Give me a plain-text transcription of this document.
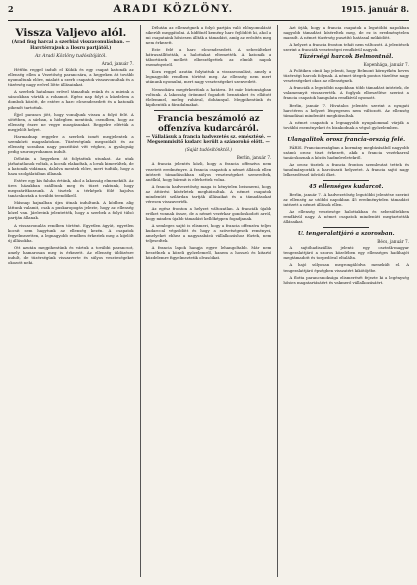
2	ARADI KÖZLÖNY.	1915. január 8.
Vissza Valjevo alól.
(Arad fiug harcai a szerbiai visszavonulásban. — Harctérrajzok a Ilosru partjától.)
Az Aradi Közlöny tudósítójától.
Arad, január 7.

Hétfőn reggel indult el Kühik és egy csapat katonák az ellenség ellen a Vezetőség parancsára, a hegyeken át tovább nyomultunk előre, mialatt a szerb csapatok visszavonultak és a tüzérség nagy erővel lőtte állásainkat.

A szerbek hatalmas erővel támadtak reánk és a mieink a sáncokban várták a rohamot. Egész nap folyt a küzdelem a dombok között, de estére a harc elcsendesedett és a katonák pihenőt tartottak.

Éjjel parancs jött, hogy vonuljunk vissza a folyó felé. A sötétben, a sárban, a hidegben mentünk, csendben, hogy az ellenség észre ne vegye mozgásunkat. Reggelre elértük a megjelölt helyet.

Harmadnap reggelre a szerbek ismét megjelentek a szemközti magaslatokon. Tüzérségünk megszólalt és az ellenség soraiban nagy pusztítást vitt véghez, a gyalogság pedig szuronyrohamra indult.

Délután a hegyeken át folytattuk utunkat. Az utak járhatatlanok voltak, a kocsik elakadtak, a lovak kimerültek, de a katonák vidáman, dalolva mentek előre, mert tudták, hogy a haza szolgálatában állanak.

Estére egy kis faluba értünk, ahol a lakosság elmenekült. Az üres házakban szálltunk meg és tüzet raktunk, hogy megszárítkozzunk. A tisztek a térképek fölé hajolva tanácskoztak a további teendőkről.

Másnap hajnalban újra útnak indultunk. A ködben alig láttunk valamit, csak a puskaropogás jelezte, hogy az ellenség közel van. Járőreink jelentették, hogy a szerbek a folyó túlsó partján állanak.

A visszavonulás rendben történt. Egyetlen ágyút, egyetlen kocsit sem hagytunk az ellenség kezén. A csapatok fegyelmezetten, a legnagyobb rendben érkeztek meg a kijelölt új állásokba.

Ott azután megpihentünk és vártuk a további parancsot, amely hamarosan meg is érkezett. Az ellenség üldözésre indult, de tüzérségünk visszaverte és súlyos veszteségeket okozott neki.

Délután az ellenségnek a folyó partján való előnyomulását sikerült meggátolni. A hídfőnél kemény harc fejlődött ki, ahol a mi csapataink hősiesen állták a támadást, amíg az erősítés meg nem érkezett.

Este felé a harc elcsendesedett. A sebesülteket hátraszállították, a halottakat eltemették. A katonák a tábortüzek mellett elbeszélgettek az elmúlt napok eseményeiről.

Kora reggel azután folytattuk a visszavonulást, amely a legnagyobb rendben történt meg. Az ellenség nem mert utánunk nyomulni, mert nagy veszteségeket szenvedett.

Nemsokára megérkeztünk a határra. Itt már biztonságban voltunk. A lakosság örömmel fogadott bennünket és ellátott élelemmel, meleg ruhával, dohánnyal. Megpihentünk és kipihentük a fáradalmakat.

Francia beszámoló az offenzíva kudarcáról.
— Vállalásuk a francia hadvezetés sz. emésztésé. — Megsemmisitő kudarc került a szánorokó elött. —
(Saját tudósítónktól.)
Berlin, január 7.

A francia jelentés közli, hogy a francia offenzíva nem vezetett eredményre. A francia csapatok a német állások ellen intézett támadásokban súlyos veszteségeket szenvedtek, anélkül, hogy bármit is elérhettek volna.

A francia hadvezetőség maga is kénytelen beismerni, hogy az áttörési kísérletek meghiúsultak. A német csapatok mindenütt szilárdan tartják állásaikat és a támadásokat véresen visszaverték.

Az egész fronton a helyzet változatlan. A franciák újabb erőket vonnak össze, de a német vezérkar gondoskodott arról, hogy minden újabb támadást kellőképpen fogadjanak.

A semleges sajtó is elismeri, hogy a francia offenzíva teljes kudarccal végződött és hogy a szövetségesek reményei, amelyeket ehhez a nagyszabású vállalkozáshoz fűztek, nem teljesedtek.

A francia lapok hangja egyre lehangoltabb. Már nem beszélnek a közeli győzelemről, hanem a hosszú és kitartó küzdelemre figyelmeztetik olvasóikat.

Azt írják, hogy a francia csapatok a legutóbbi napokban nagyobb támadást kíséreltek meg, de ez is eredménytelen maradt. A német tüzérség pusztító hatással működött.

A helyzet a francia fronton tehát nem változott. A jelentések szerint a franciák veszteségei rendkívül nagyok.

Tüzérségi harcok Belmontnál.
Kopenhága, január 7.

A Politiken című lap jelenti, hogy Belmont környékén heves tüzérségi harcok folynak. A német ütegek pontos tüzelése nagy veszteségeket okoz az ellenségnek.

A franciák a legutóbbi napokban több támadást intéztek, de valamennyit visszaverték. A foglyok elbeszélése szerint a francia csapatok hangulata rendkívül nyomott.

Berlin, január 7. Hivatalos jelentés szerint a nyugati harctéren a helyzet lényegesen nem változott. Az ellenség támadásai mindenütt meghiúsultak.

A német csapatok a legnagyobb nyugalommal várják a további eseményeket és bizakodnak a végső győzelemben.

Ulangalitok orosz francia-ország felé.

PÁRIS. Franciaországban a kormány megbízásából nagyobb számú orosz tiszt érkezett, akik a francia vezérkarral tanácskoznak a közös hadműveletekről.

Az orosz tisztek a francia fronton szemleutat tettek és tanulmányozták a harcászati helyzetet. A francia sajtó nagy lelkesedéssel üdvözli őket.

45 ellenséges kudarcot.

Berlin, január 7. A hadvezetőség legutóbbi jelentése szerint az ellenség az utóbbi napokban 45 eredménytelen támadást intézett a német állások ellen.

Az ellenség vesztesége halottakban és sebesültekben rendkívül nagy. A német csapatok mindenütt megtartották állásaikat.

U. tengeralattjáró a szorosban.
Bécs, január 7.

A sajtóhadiszállás jelenti: egy osztrák-magyar tengeralattjáró a szoros közelében egy ellenséges hadihajót megtámadott és torpedóval eltalálta.

A hajó súlyosan megrongálódva menekült el. A tengeralattjáró épségben visszatért kikötőjébe.

A flotta parancsnoksága elismerését fejezte ki a legénység hősies magatartásáért és vakmerő vállalkozásáért.
